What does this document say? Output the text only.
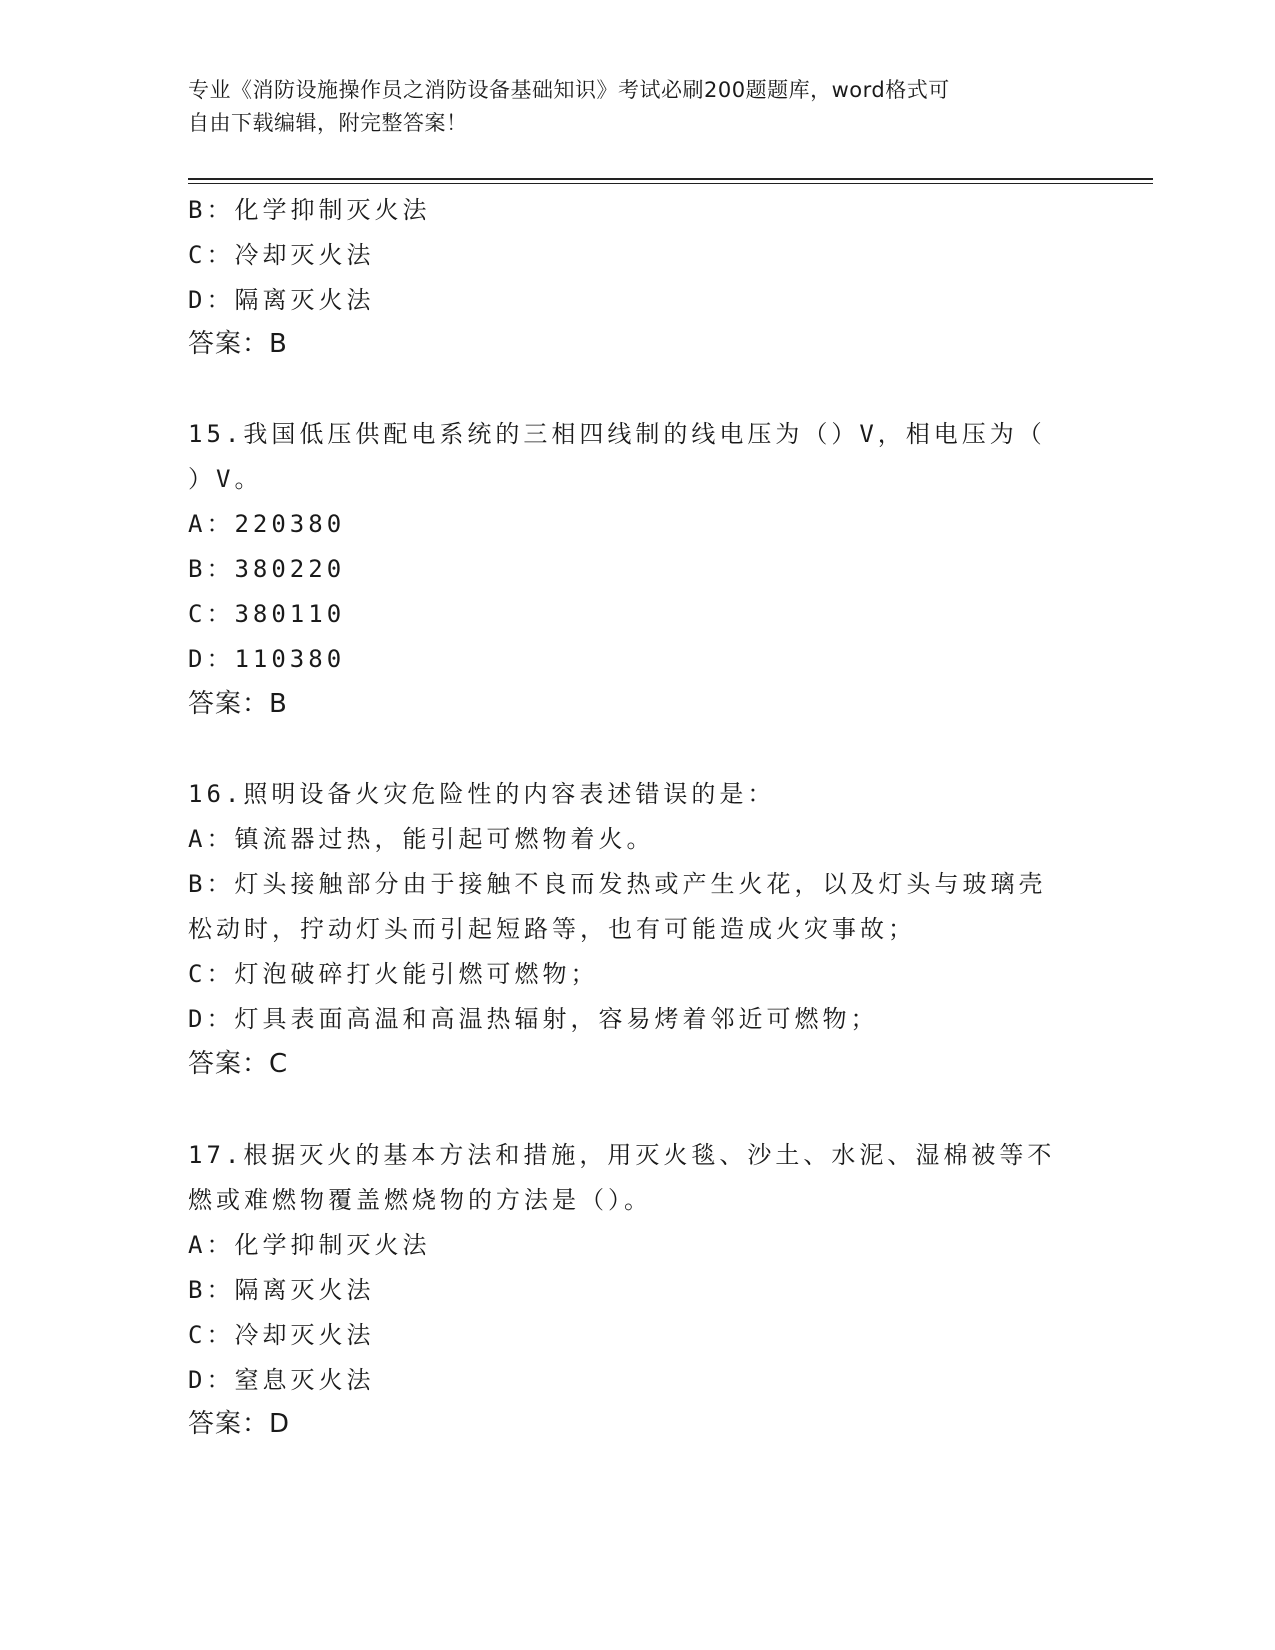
专业《消防设施操作员之消防设备基础知识》考试必刷200题题库，word格式可
自由下载编辑，附完整答案！
B：化学抑制灭火法
C：冷却灭火法
D：隔离灭火法
答案：B
15.我国低压供配电系统的三相四线制的线电压为（）V，相电压为（
）V。
A：220380
B：380220
C：380110
D：110380
答案：B
16.照明设备火灾危险性的内容表述错误的是：
A：镇流器过热，能引起可燃物着火。
B：灯头接触部分由于接触不良而发热或产生火花，以及灯头与玻璃壳
松动时，拧动灯头而引起短路等，也有可能造成火灾事故；
C：灯泡破碎打火能引燃可燃物；
D：灯具表面高温和高温热辐射，容易烤着邻近可燃物；
答案：C
17.根据灭火的基本方法和措施，用灭火毯、沙土、水泥、湿棉被等不
燃或难燃物覆盖燃烧物的方法是（）。
A：化学抑制灭火法
B：隔离灭火法
C：冷却灭火法
D：窒息灭火法
答案：D
